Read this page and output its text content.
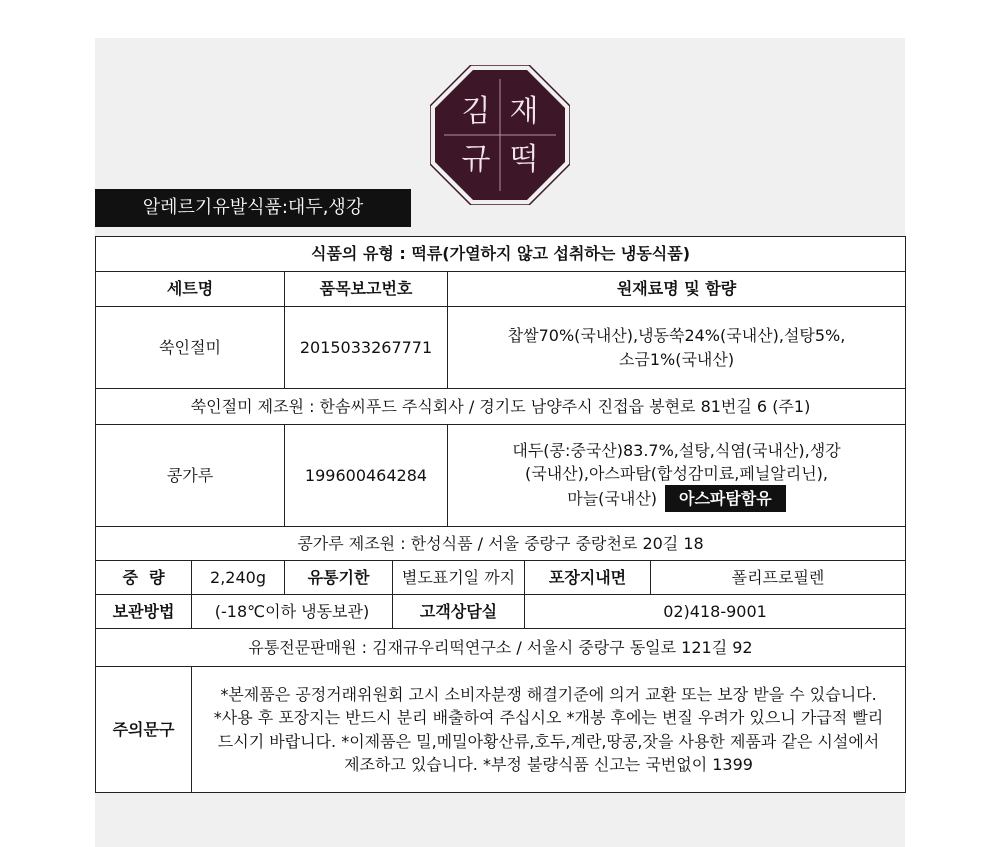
김 재
규 떡
알레르기유발식품:대두,생강
식품의 유형 : 떡류(가열하지 않고 섭취하는 냉동식품)						
세트명		품목보고번호		원재료명 및 함량		
쑥인절미		2015033267771		찹쌀70%(국내산),냉동쑥24%(국내산),설탕5%,
소금1%(국내산)		

쑥인절미 제조원 : 한솜씨푸드 주식회사 / 경기도 남양주시 진접읍 봉현로 81번길 6 (주1)						
콩가루		199600464284		대두(콩:중국산)83.7%,설탕,식염(국내산),생강
(국내산),아스파탐(합성감미료,페닐알리닌),
마늘(국내산) 아스파탐함유		

콩가루 제조원 : 한성식품 / 서울 중랑구 중랑천로 20길 18						
중  량	2,240g	유통기한	별도표기일 까지		포장지내면	폴리프로필렌
보관방법	(-18℃이하 냉동보관)		고객상담실		02)418-9001	
유통전문판매원 : 김재규우리떡연구소 / 서울시 중랑구 동일로 121길 92						
주의문구	*본제품은 공정거래위원회 고시 소비자분쟁 해결기준에 의거 교환 또는 보장 받을 수 있습니다.
*사용 후 포장지는 반드시 분리 배출하여 주십시오 *개봉 후에는 변질 우려가 있으니 가급적 빨리
드시기 바랍니다. *이제품은 밀,메밀아황산류,호두,계란,땅콩,잣을 사용한 제품과 같은 시설에서
제조하고 있습니다. *부정 불량식품 신고는 국번없이 1399					
